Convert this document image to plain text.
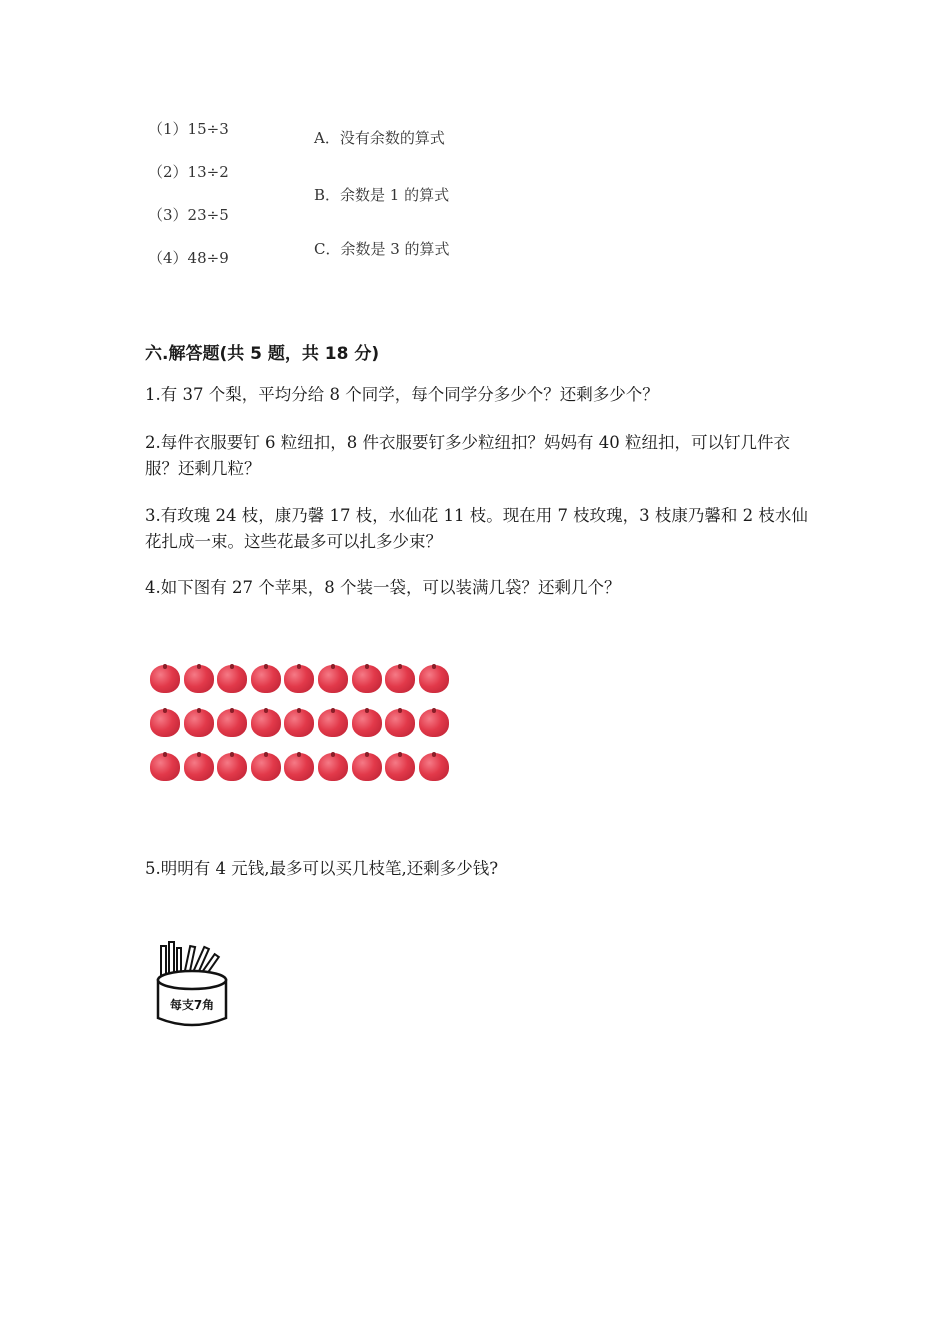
（1）15÷3
（2）13÷2
（3）23÷5
（4）48÷9
A．没有余数的算式
B．余数是 1 的算式
C．余数是 3 的算式
六.解答题(共 5 题，共 18 分)
1.有 37 个梨，平均分给 8 个同学，每个同学分多少个？还剩多少个？
2.每件衣服要钉 6 粒纽扣，8 件衣服要钉多少粒纽扣？妈妈有 40 粒纽扣，可以钉几件衣服？还剩几粒？
3.有玫瑰 24 枝，康乃馨 17 枝，水仙花 11 枝。现在用 7 枝玫瑰，3 枝康乃馨和 2 枝水仙花扎成一束。这些花最多可以扎多少束？
4.如下图有 27 个苹果，8 个装一袋，可以装满几袋？还剩几个？
5.明明有 4 元钱,最多可以买几枝笔,还剩多少钱?
每支7角
